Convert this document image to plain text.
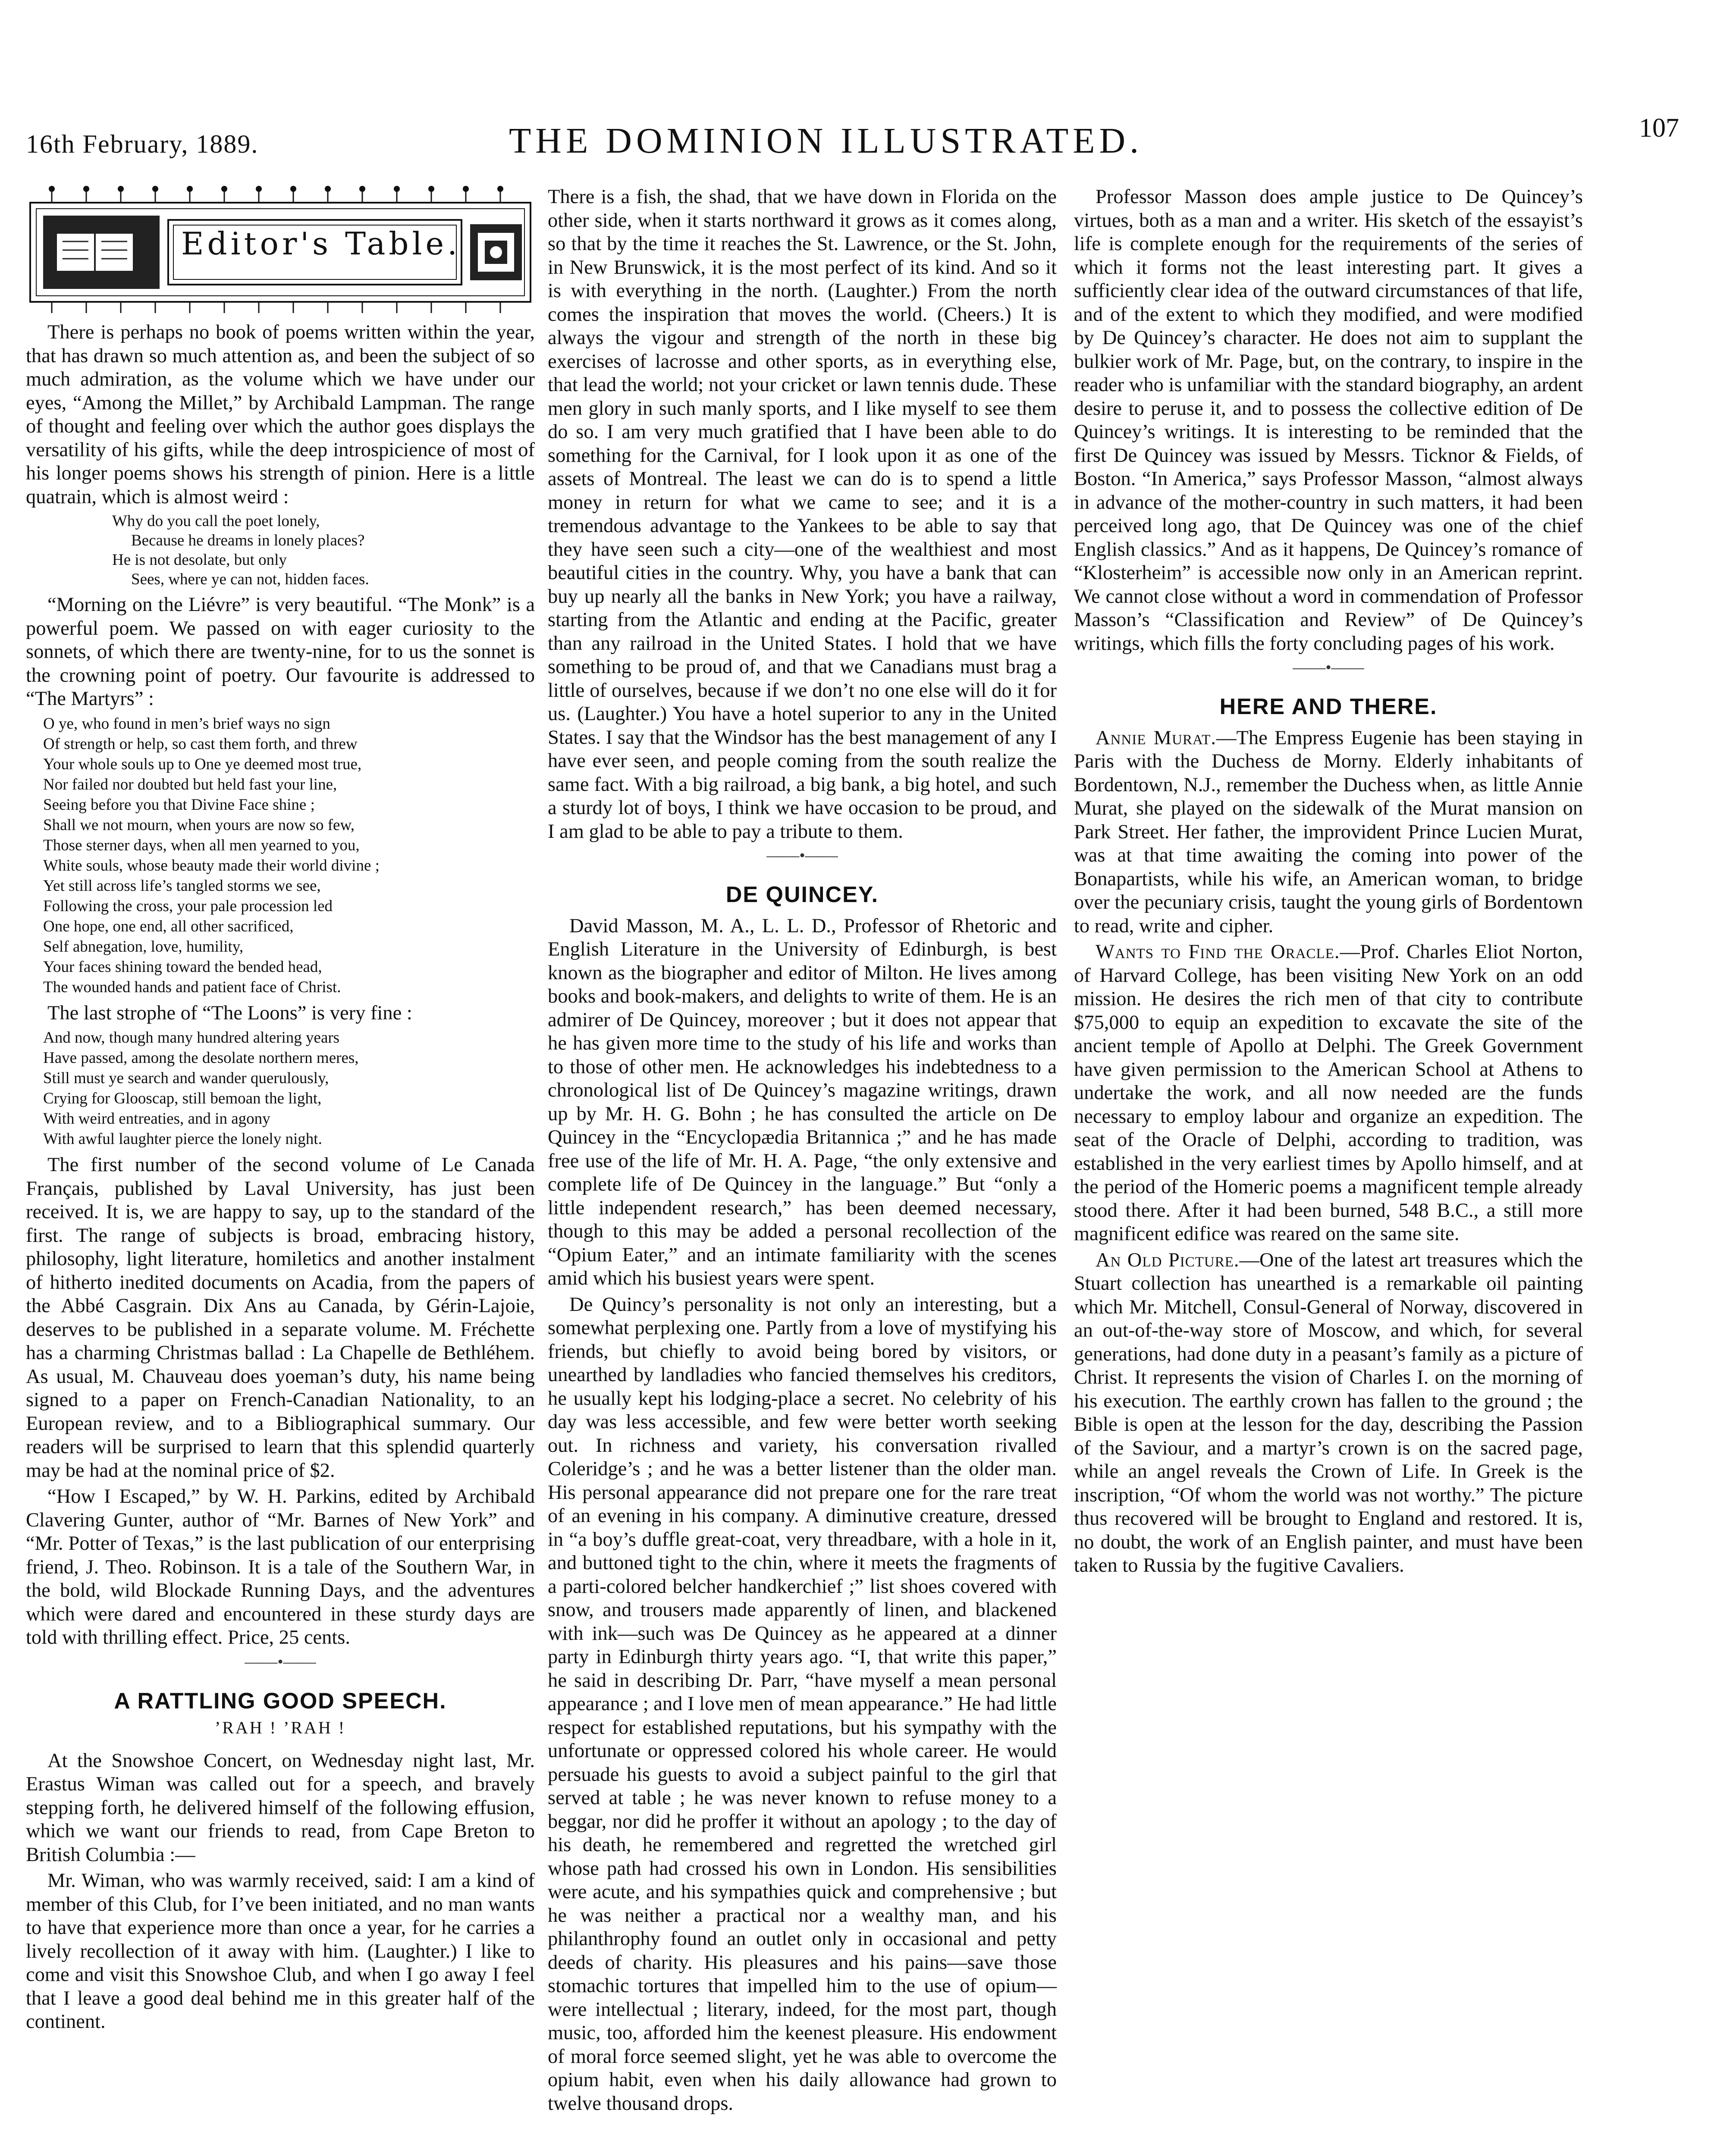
16th February, 1889.	THE DOMINION ILLUSTRATED.	107
Editor's Table.

There is perhaps no book of poems written within the year, that has drawn so much attention as, and been the subject of so much admiration, as the volume which we have under our eyes, “Among the Millet,” by Archibald Lampman. The range of thought and feeling over which the author goes displays the versatility of his gifts, while the deep introspicience of most of his longer poems shows his strength of pinion. Here is a little quatrain, which is almost weird :

Why do you call the poet lonely,
Because he dreams in lonely places?
He is not desolate, but only
Sees, where ye can not, hidden faces.

“Morning on the Liévre” is very beautiful. “The Monk” is a powerful poem. We passed on with eager curiosity to the sonnets, of which there are twenty-nine, for to us the sonnet is the crowning point of poetry. Our favourite is addressed to “The Martyrs” :

O ye, who found in men’s brief ways no sign
Of strength or help, so cast them forth, and threw
Your whole souls up to One ye deemed most true,
Nor failed nor doubted but held fast your line,
Seeing before you that Divine Face shine ;
Shall we not mourn, when yours are now so few,
Those sterner days, when all men yearned to you,
White souls, whose beauty made their world divine ;
Yet still across life’s tangled storms we see,
Following the cross, your pale procession led
One hope, one end, all other sacrificed,
Self abnegation, love, humility,
Your faces shining toward the bended head,
The wounded hands and patient face of Christ.

The last strophe of “The Loons” is very fine :

And now, though many hundred altering years
Have passed, among the desolate northern meres,
Still must ye search and wander querulously,
Crying for Glooscap, still bemoan the light,
With weird entreaties, and in agony
With awful laughter pierce the lonely night.

The first number of the second volume of Le Canada Français, published by Laval University, has just been received. It is, we are happy to say, up to the standard of the first. The range of subjects is broad, embracing history, philosophy, light literature, homiletics and another instalment of hitherto inedited documents on Acadia, from the papers of the Abbé Casgrain. Dix Ans au Canada, by Gérin-Lajoie, deserves to be published in a separate volume. M. Fréchette has a charming Christmas ballad : La Chapelle de Bethléhem. As usual, M. Chauveau does yoeman’s duty, his name being signed to a paper on French-Canadian Nationality, to an European review, and to a Bibliographical summary. Our readers will be surprised to learn that this splendid quarterly may be had at the nominal price of $2.

“How I Escaped,” by W. H. Parkins, edited by Archibald Clavering Gunter, author of “Mr. Barnes of New York” and “Mr. Potter of Texas,” is the last publication of our enterprising friend, J. Theo. Robinson. It is a tale of the Southern War, in the bold, wild Blockade Running Days, and the adventures which were dared and encountered in these sturdy days are told with thrilling effect. Price, 25 cents.

——•——
A RATTLING GOOD SPEECH.
’RAH ! ’RAH !

At the Snowshoe Concert, on Wednesday night last, Mr. Erastus Wiman was called out for a speech, and bravely stepping forth, he delivered himself of the following effusion, which we want our friends to read, from Cape Breton to British Columbia :—

Mr. Wiman, who was warmly received, said: I am a kind of member of this Club, for I’ve been initiated, and no man wants to have that experience more than once a year, for he carries a lively recollection of it away with him. (Laughter.) I like to come and visit this Snowshoe Club, and when I go away I feel that I leave a good deal behind me in this greater half of the continent.

There is a fish, the shad, that we have down in Florida on the other side, when it starts northward it grows as it comes along, so that by the time it reaches the St. Lawrence, or the St. John, in New Brunswick, it is the most perfect of its kind. And so it is with everything in the north. (Laughter.) From the north comes the inspiration that moves the world. (Cheers.) It is always the vigour and strength of the north in these big exercises of lacrosse and other sports, as in everything else, that lead the world; not your cricket or lawn tennis dude. These men glory in such manly sports, and I like myself to see them do so. I am very much gratified that I have been able to do something for the Carnival, for I look upon it as one of the assets of Montreal. The least we can do is to spend a little money in return for what we came to see; and it is a tremendous advantage to the Yankees to be able to say that they have seen such a city—one of the wealthiest and most beautiful cities in the country. Why, you have a bank that can buy up nearly all the banks in New York; you have a railway, starting from the Atlantic and ending at the Pacific, greater than any railroad in the United States. I hold that we have something to be proud of, and that we Canadians must brag a little of ourselves, because if we don’t no one else will do it for us. (Laughter.) You have a hotel superior to any in the United States. I say that the Windsor has the best management of any I have ever seen, and people coming from the south realize the same fact. With a big railroad, a big bank, a big hotel, and such a sturdy lot of boys, I think we have occasion to be proud, and I am glad to be able to pay a tribute to them.

——•——
DE QUINCEY.

David Masson, M. A., L. L. D., Professor of Rhetoric and English Literature in the University of Edinburgh, is best known as the biographer and editor of Milton. He lives among books and book-makers, and delights to write of them. He is an admirer of De Quincey, moreover ; but it does not appear that he has given more time to the study of his life and works than to those of other men. He acknowledges his indebtedness to a chronological list of De Quincey’s magazine writings, drawn up by Mr. H. G. Bohn ; he has consulted the article on De Quincey in the “Encyclopædia Britannica ;” and he has made free use of the life of Mr. H. A. Page, “the only extensive and complete life of De Quincey in the language.” But “only a little independent research,” has been deemed necessary, though to this may be added a personal recollection of the “Opium Eater,” and an intimate familiarity with the scenes amid which his busiest years were spent.

De Quincy’s personality is not only an interesting, but a somewhat perplexing one. Partly from a love of mystifying his friends, but chiefly to avoid being bored by visitors, or unearthed by landladies who fancied themselves his creditors, he usually kept his lodging-place a secret. No celebrity of his day was less accessible, and few were better worth seeking out. In richness and variety, his conversation rivalled Coleridge’s ; and he was a better listener than the older man. His personal appearance did not prepare one for the rare treat of an evening in his company. A diminutive creature, dressed in “a boy’s duffle great-coat, very threadbare, with a hole in it, and buttoned tight to the chin, where it meets the fragments of a parti-colored belcher handkerchief ;” list shoes covered with snow, and trousers made apparently of linen, and blackened with ink—such was De Quincey as he appeared at a dinner party in Edinburgh thirty years ago. “I, that write this paper,” he said in describing Dr. Parr, “have myself a mean personal appearance ; and I love men of mean appearance.” He had little respect for established reputations, but his sympathy with the unfortunate or oppressed colored his whole career. He would persuade his guests to avoid a subject painful to the girl that served at table ; he was never known to refuse money to a beggar, nor did he proffer it without an apology ; to the day of his death, he remembered and regretted the wretched girl whose path had crossed his own in London. His sensibilities were acute, and his sympathies quick and comprehensive ; but he was neither a practical nor a wealthy man, and his philanthrophy found an outlet only in occasional and petty deeds of charity. His pleasures and his pains—save those stomachic tortures that impelled him to the use of opium—were intellectual ; literary, indeed, for the most part, though music, too, afforded him the keenest pleasure. His endowment of moral force seemed slight, yet he was able to overcome the opium habit, even when his daily allowance had grown to twelve thousand drops.

Professor Masson does ample justice to De Quincey’s virtues, both as a man and a writer. His sketch of the essayist’s life is complete enough for the requirements of the series of which it forms not the least interesting part. It gives a sufficiently clear idea of the outward circumstances of that life, and of the extent to which they modified, and were modified by De Quincey’s character. He does not aim to supplant the bulkier work of Mr. Page, but, on the contrary, to inspire in the reader who is unfamiliar with the standard biography, an ardent desire to peruse it, and to possess the collective edition of De Quincey’s writings. It is interesting to be reminded that the first De Quincey was issued by Messrs. Ticknor & Fields, of Boston. “In America,” says Professor Masson, “almost always in advance of the mother-country in such matters, it had been perceived long ago, that De Quincey was one of the chief English classics.” And as it happens, De Quincey’s romance of “Klosterheim” is accessible now only in an American reprint. We cannot close without a word in commendation of Professor Masson’s “Classification and Review” of De Quincey’s writings, which fills the forty concluding pages of his work.

——•——
HERE AND THERE.

Annie Murat.—The Empress Eugenie has been staying in Paris with the Duchess de Morny. Elderly inhabitants of Bordentown, N.J., remember the Duchess when, as little Annie Murat, she played on the sidewalk of the Murat mansion on Park Street. Her father, the improvident Prince Lucien Murat, was at that time awaiting the coming into power of the Bonapartists, while his wife, an American woman, to bridge over the pecuniary crisis, taught the young girls of Bordentown to read, write and cipher.

Wants to Find the Oracle.—Prof. Charles Eliot Norton, of Harvard College, has been visiting New York on an odd mission. He desires the rich men of that city to contribute $75,000 to equip an expedition to excavate the site of the ancient temple of Apollo at Delphi. The Greek Government have given permission to the American School at Athens to undertake the work, and all now needed are the funds necessary to employ labour and organize an expedition. The seat of the Oracle of Delphi, according to tradition, was established in the very earliest times by Apollo himself, and at the period of the Homeric poems a magnificent temple already stood there. After it had been burned, 548 B.C., a still more magnificent edifice was reared on the same site.

An Old Picture.—One of the latest art treasures which the Stuart collection has unearthed is a remarkable oil painting which Mr. Mitchell, Consul-General of Norway, discovered in an out-of-the-way store of Moscow, and which, for several generations, had done duty in a peasant’s family as a picture of Christ. It represents the vision of Charles I. on the morning of his execution. The earthly crown has fallen to the ground ; the Bible is open at the lesson for the day, describing the Passion of the Saviour, and a martyr’s crown is on the sacred page, while an angel reveals the Crown of Life. In Greek is the inscription, “Of whom the world was not worthy.” The picture thus recovered will be brought to England and restored. It is, no doubt, the work of an English painter, and must have been taken to Russia by the fugitive Cavaliers.
